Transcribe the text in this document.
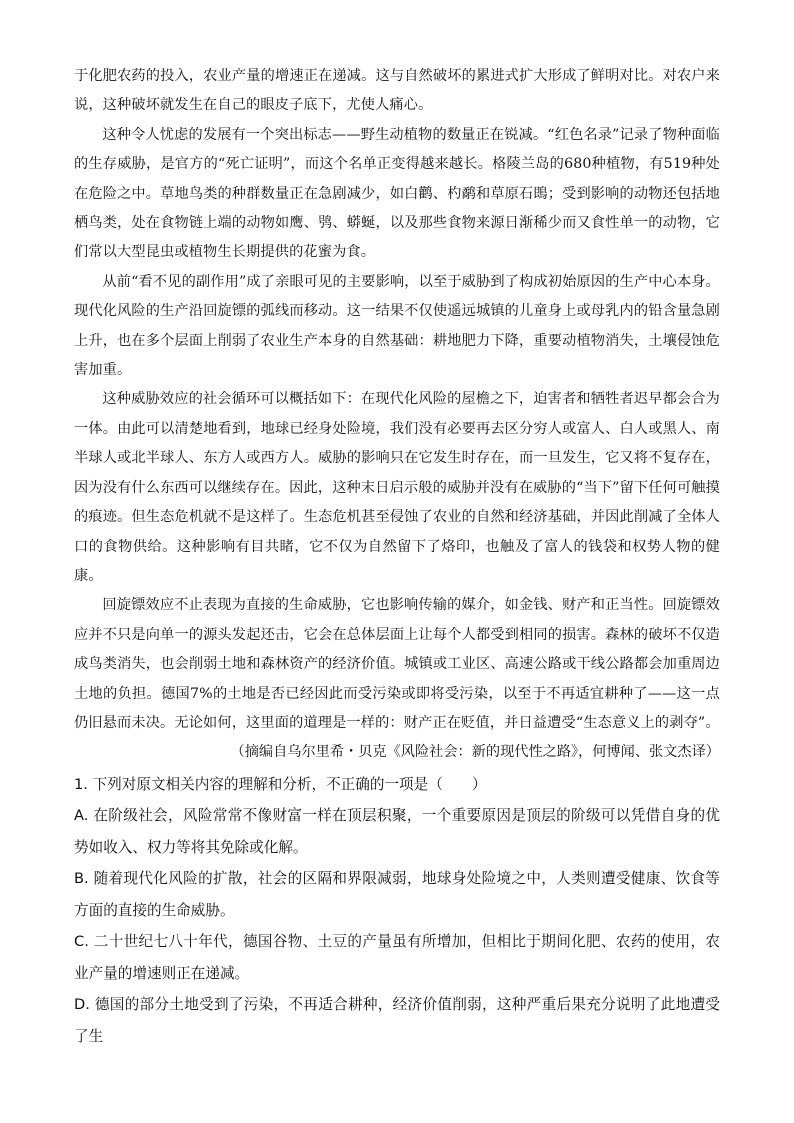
于化肥农药的投入，农业产量的增速正在递减。这与自然破坏的累进式扩大形成了鲜明对比。对农户来说，这种破坏就发生在自己的眼皮子底下，尤使人痛心。

这种令人忧虑的发展有一个突出标志——野生动植物的数量正在锐减。“红色名录”记录了物种面临的生存威胁，是官方的“死亡证明”，而这个名单正变得越来越长。格陵兰岛的680种植物，有519种处在危险之中。草地鸟类的种群数量正在急剧减少，如白鹳、杓鹬和草原石鵖；受到影响的动物还包括地栖鸟类，处在食物链上端的动物如鹰、鸮、蟒蜒，以及那些食物来源日渐稀少而又食性单一的动物，它们常以大型昆虫或植物生长期提供的花蜜为食。

从前“看不见的副作用”成了亲眼可见的主要影响，以至于威胁到了构成初始原因的生产中心本身。现代化风险的生产沿回旋镖的弧线而移动。这一结果不仅使遥远城镇的儿童身上或母乳内的铅含量急剧上升，也在多个层面上削弱了农业生产本身的自然基础：耕地肥力下降，重要动植物消失，土壤侵蚀危害加重。

这种威胁效应的社会循环可以概括如下：在现代化风险的屋檐之下，迫害者和牺牲者迟早都会合为一体。由此可以清楚地看到，地球已经身处险境，我们没有必要再去区分穷人或富人、白人或黑人、南半球人或北半球人、东方人或西方人。威胁的影响只在它发生时存在，而一旦发生，它又将不复存在，因为没有什么东西可以继续存在。因此，这种末日启示般的威胁并没有在威胁的“当下”留下任何可触摸的痕迹。但生态危机就不是这样了。生态危机甚至侵蚀了农业的自然和经济基础，并因此削减了全体人口的食物供给。这种影响有目共睹，它不仅为自然留下了烙印，也触及了富人的钱袋和权势人物的健康。

回旋镖效应不止表现为直接的生命威胁，它也影响传输的媒介，如金钱、财产和正当性。回旋镖效应并不只是向单一的源头发起还击，它会在总体层面上让每个人都受到相同的损害。森林的破坏不仅造成鸟类消失，也会削弱土地和森林资产的经济价值。城镇或工业区、高速公路或干线公路都会加重周边土地的负担。德国7%的土地是否已经因此而受污染或即将受污染，以至于不再适宜耕种了——这一点仍旧悬而未决。无论如何，这里面的道理是一样的：财产正在贬值，并日益遭受“生态意义上的剥夺”。

（摘编自乌尔里希・贝克《风险社会：新的现代性之路》，何博闻、张文杰译）

1. 下列对原文相关内容的理解和分析，不正确的一项是（　　）

A. 在阶级社会，风险常常不像财富一样在顶层积聚，一个重要原因是顶层的阶级可以凭借自身的优势如收入、权力等将其免除或化解。

B. 随着现代化风险的扩散，社会的区隔和界限减弱，地球身处险境之中，人类则遭受健康、饮食等方面的直接的生命威胁。

C. 二十世纪七八十年代，德国谷物、土豆的产量虽有所增加，但相比于期间化肥、农药的使用，农业产量的增速则正在递减。

D. 德国的部分土地受到了污染，不再适合耕种，经济价值削弱，这种严重后果充分说明了此地遭受了生
